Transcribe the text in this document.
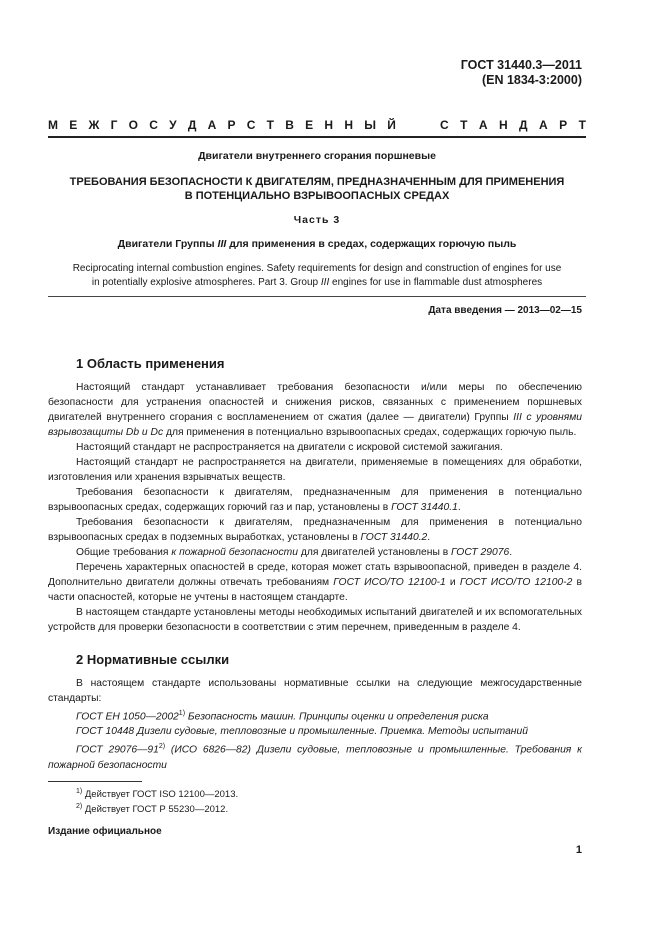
ГОСТ 31440.3—2011
(EN 1834-3:2000)
М Е Ж Г О С У Д А Р С Т В Е Н Н Ы Й	С Т А Н Д А Р Т
Двигатели внутреннего сгорания поршневые
ТРЕБОВАНИЯ БЕЗОПАСНОСТИ К ДВИГАТЕЛЯМ, ПРЕДНАЗНАЧЕННЫМ ДЛЯ ПРИМЕНЕНИЯ
В ПОТЕНЦИАЛЬНО ВЗРЫВООПАСНЫХ СРЕДАХ
Часть 3
Двигатели Группы III для применения в средах, содержащих горючую пыль
Reciprocating internal combustion engines. Safety requirements for design and construction of engines for use
in potentially explosive atmospheres. Part 3. Group III engines for use in flammable dust atmospheres
Дата введения — 2013—02—15
1 Область применения

Настоящий стандарт устанавливает требования безопасности и/или меры по обеспечению безопасности для устранения опасностей и снижения рисков, связанных с применением поршневых двигателей внутреннего сгорания с воспламенением от сжатия (далее — двигатели) Группы III с уровнями взрывозащиты Db и Dc для применения в потенциально взрывоопасных средах, содержащих горючую пыль.

Настоящий стандарт не распространяется на двигатели с искровой системой зажигания.

Настоящий стандарт не распространяется на двигатели, применяемые в помещениях для обработки, изготовления или хранения взрывчатых веществ.

Требования безопасности к двигателям, предназначенным для применения в потенциально взрывоопасных средах, содержащих горючий газ и пар, установлены в ГОСТ 31440.1.

Требования безопасности к двигателям, предназначенным для применения в потенциально взрывоопасных средах в подземных выработках, установлены в ГОСТ 31440.2.

Общие требования к пожарной безопасности для двигателей установлены в ГОСТ 29076.

Перечень характерных опасностей в среде, которая может стать взрывоопасной, приведен в разделе 4. Дополнительно двигатели должны отвечать требованиям ГОСТ ИСО/ТО 12100-1 и ГОСТ ИСО/ТО 12100-2 в части опасностей, которые не учтены в настоящем стандарте.

В настоящем стандарте установлены методы необходимых испытаний двигателей и их вспомогательных устройств для проверки безопасности в соответствии с этим перечнем, приведенным в разделе 4.

2 Нормативные ссылки

В настоящем стандарте использованы нормативные ссылки на следующие межгосударственные стандарты:

ГОСТ ЕН 1050—2002$^{1)}$ Безопасность машин. Принципы оценки и определения риска

ГОСТ 10448 Дизели судовые, тепловозные и промышленные. Приемка. Методы испытаний

ГОСТ 29076—91$^{2)}$ (ИСО 6826—82) Дизели судовые, тепловозные и промышленные. Требования к пожарной безопасности

$^{1)}$ Действует ГОСТ ISO 12100—2013.
$^{2)}$ Действует ГОСТ Р 55230—2012.
Издание официальное
1
